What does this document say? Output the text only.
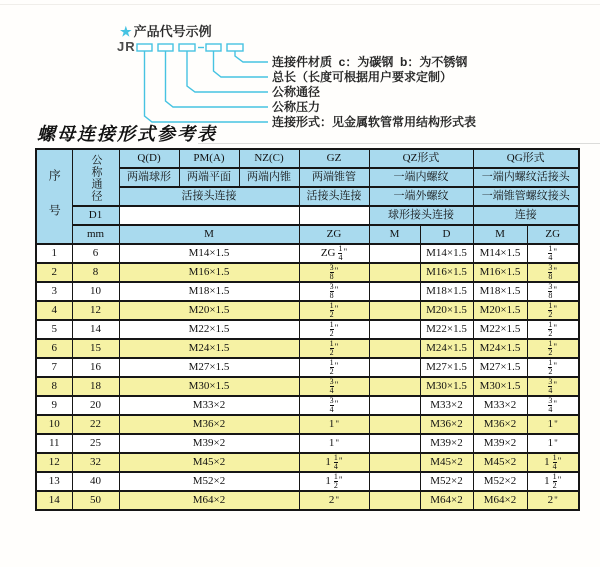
★ 产品代号示例
JR
连接件材质  c：为碳钢  b：为不锈钢
总长（长度可根据用户要求定制）
公称通径
公称压力
连接形式：见金属软管常用结构形式表
螺母连接形式参考表
序号	公称通径	Q(D)	PM(A)	NZ(C)	GZ	QZ形式		QG形式	
		两端球形	两端平面	两端内锥	两端锥管	一端内螺纹		一端内螺纹活接头	
		活接头连接			活接头连接	一端外螺纹		一端锥管螺纹接头	
	D1					球形接头连接		连接	
	mm	M			ZG	M	D	M	ZG
1	6	M14×1.5			ZG $\frac{1}{4} ^"$		M14×1.5	M14×1.5	$\frac{1}{4} ^"$
2	8	M16×1.5			$\frac{3}{8} ^"$		M16×1.5	M16×1.5	$\frac{3}{8} ^"$
3	10	M18×1.5			$\frac{3}{8} ^"$		M18×1.5	M18×1.5	$\frac{3}{8} ^"$
4	12	M20×1.5			$\frac{1}{2} ^"$		M20×1.5	M20×1.5	$\frac{1}{2} ^"$
5	14	M22×1.5			$\frac{1}{2} ^"$		M22×1.5	M22×1.5	$\frac{1}{2} ^"$
6	15	M24×1.5			$\frac{1}{2} ^"$		M24×1.5	M24×1.5	$\frac{1}{2} ^"$
7	16	M27×1.5			$\frac{1}{2} ^"$		M27×1.5	M27×1.5	$\frac{1}{2} ^"$
8	18	M30×1.5			$\frac{3}{4} ^"$		M30×1.5	M30×1.5	$\frac{3}{4} ^"$
9	20	M33×2			$\frac{3}{4} ^"$		M33×2	M33×2	$\frac{3}{4} ^"$
10	22	M36×2			1"		M36×2	M36×2	1"
11	25	M39×2			1"		M39×2	M39×2	1"
12	32	M45×2			$1 \frac{1}{4} ^"$		M45×2	M45×2	$1 \frac{1}{4} ^"$
13	40	M52×2			$1 \frac{1}{2} ^"$		M52×2	M52×2	$1 \frac{1}{2} ^"$
14	50	M64×2			2"		M64×2	M64×2	2"
